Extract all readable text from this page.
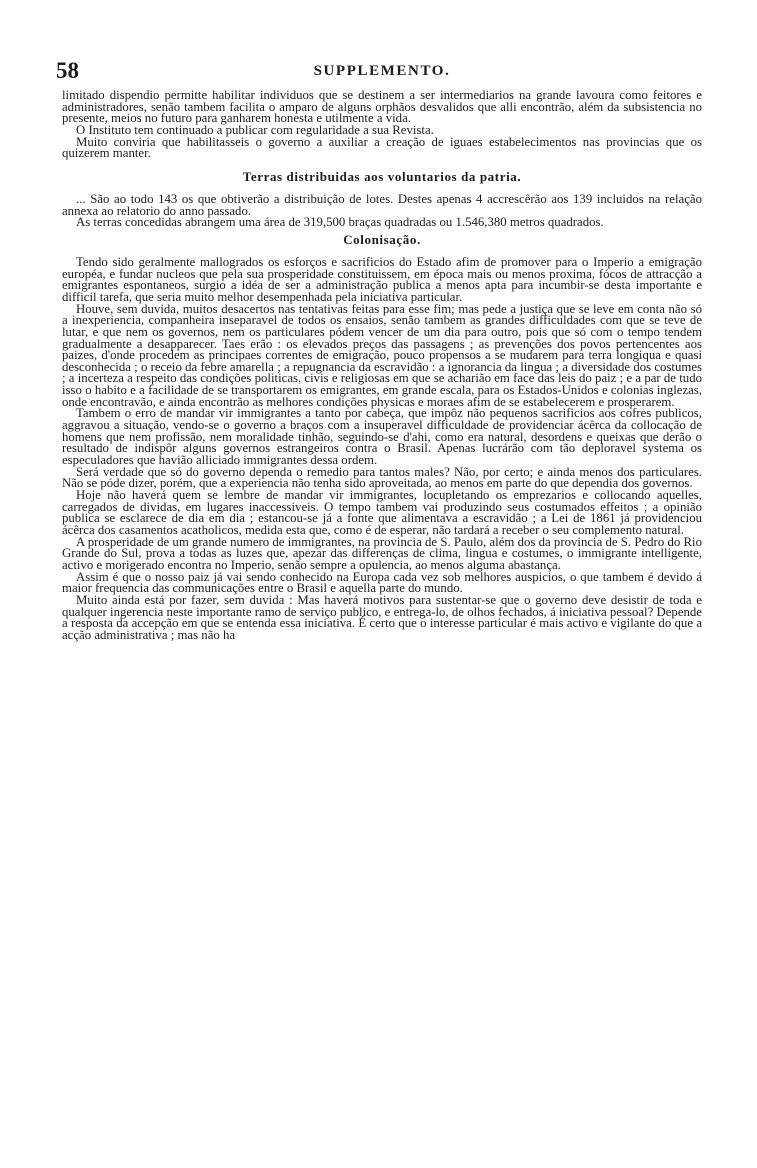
58	SUPPLEMENTO.

limitado dispendio permitte habilitar individuos que se destinem a ser intermediarios na grande lavoura como feitores e administradores, senão tambem facilita o amparo de alguns orphãos desvalidos que alli encontrão, além da subsistencia no presente, meios no futuro para ganharem honesta e utilmente a vida.

O Instituto tem continuado a publicar com regularidade a sua Revista.

Muito conviria que habilitasseis o governo a auxiliar a creação de iguaes estabelecimentos nas provincias que os quizerem manter.

Terras distribuidas aos voluntarios da patria.

... São ao todo 143 os que obtiverão a distribuição de lotes. Destes apenas 4 accrescêrão aos 139 incluidos na relação annexa ao relatorio do anno passado.

As terras concedidas abrangem uma área de 319,500 braças quadradas ou 1.546,380 metros quadrados.

Colonisação.

Tendo sido geralmente mallogrados os esforços e sacrificios do Estado afim de promover para o Imperio a emigração européa, e fundar nucleos que pela sua prosperidade constituissem, em época mais ou menos proxima, fócos de attracção a emigrantes espontaneos, surgio a idéa de ser a administração publica a menos apta para incumbir-se desta importante e difficil tarefa, que seria muito melhor desempenhada pela iniciativa particular.

Houve, sem duvida, muitos desacertos nas tentativas feitas para esse fim; mas pede a justiça que se leve em conta não só a inexperiencia, companheira inseparavel de todos os ensaios, senão tambem as grandes difficuldades com que se teve de lutar, e que nem os governos, nem os particulares pódem vencer de um dia para outro, pois que só com o tempo tendem gradualmente a desapparecer. Taes erão : os elevados preços das passagens ; as prevenções dos povos pertencentes aos paizes, d'onde procedem as principaes correntes de emigração, pouco propensos a se mudarem para terra longiqua e quasi desconhecida ; o receio da febre amarella ; a repugnancia da escravidão : a ignorancia da lingua ; a diversidade dos costumes ; a incerteza a respeito das condições politicas, civis e religiosas em que se acharião em face das leis do paiz ; e a par de tudo isso o habito e a facilidade de se transportarem os emigrantes, em grande escala, para os Estados-Unidos e colonias inglezas, onde encontravão, e ainda encontrão as melhores condições physicas e moraes afim de se estabelecerem e prosperarem.

Tambem o erro de mandar vir immigrantes a tanto por cabeça, que impôz não pequenos sacrificios aos cofres publicos, aggravou a situação, vendo-se o governo a braços com a insuperavel difficuldade de providenciar ácêrca da collocação de homens que nem profissão, nem moralidade tinhão, seguindo-se d'ahi, como era natural, desordens e queixas que derão o resultado de indispôr alguns governos estrangeiros contra o Brasil. Apenas lucrárão com tão deploravel systema os especuladores que havião alliciado immigrantes dessa ordem.

Será verdade que só do governo dependa o remedio para tantos males? Não, por certo; e ainda menos dos particulares. Não se póde dizer, porém, que a experiencia não tenha sido aproveitada, ao menos em parte do que dependia dos governos.

Hoje não haverá quem se lembre de mandar vir immigrantes, locupletando os emprezarios e collocando aquelles, carregados de dividas, em lugares inaccessiveis. O tempo tambem vai produzindo seus costumados effeitos ; a opinião publica se esclarece de dia em dia ; estancou-se já a fonte que alimentava a escravidão ; a Lei de 1861 já providenciou ácêrca dos casamentos acatholicos, medida esta que, como é de esperar, não tardará a receber o seu complemento natural.

A prosperidade de um grande numero de immigrantes, na provincia de S. Paulo, além dos da provincia de S. Pedro do Rio Grande do Sul, prova a todas as luzes que, apezar das differenças de clima, lingua e costumes, o immigrante intelligente, activo e morigerado encontra no Imperio, senão sempre a opulencia, ao menos alguma abastança.

Assim é que o nosso paiz já vai sendo conhecido na Europa cada vez sob melhores auspicios, o que tambem é devido á maior frequencia das communicações entre o Brasil e aquella parte do mundo.

Muito ainda está por fazer, sem duvida : Mas haverá motivos para sustentar-se que o governo deve desistir de toda e qualquer ingerencia neste importante ramo de serviço publico, e entrega-lo, de olhos fechados, á iniciativa pessoal? Depende a resposta da accepção em que se entenda essa iniciativa. É certo que o interesse particular é mais activo e vigilante do que a acção administrativa ; mas não ha
